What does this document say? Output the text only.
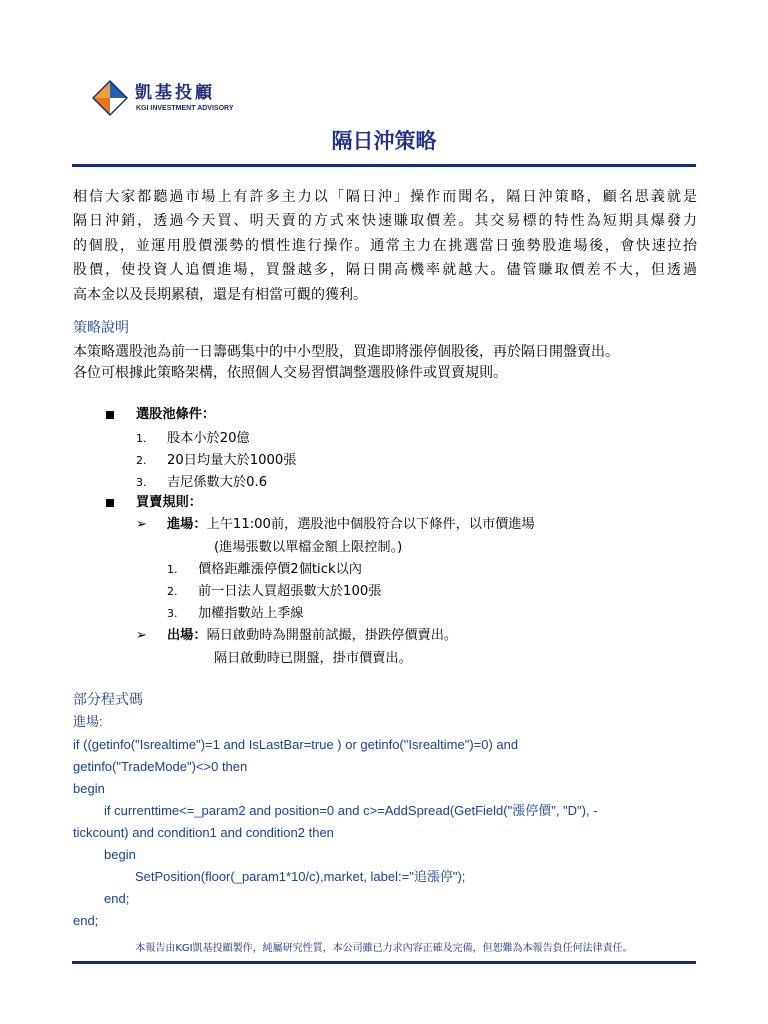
凱基投顧
KGI INVESTMENT ADVISORY
隔日沖策略

相信大家都聽過市場上有許多主力以「隔日沖」操作而聞名，隔日沖策略，顧名思義就是
隔日沖銷，透過今天買、明天賣的方式來快速賺取價差。其交易標的特性為短期具爆發力
的個股，並運用股價漲勢的慣性進行操作。通常主力在挑選當日強勢股進場後，會快速拉抬
股價，使投資人追價進場，買盤越多，隔日開高機率就越大。儘管賺取價差不大，但透過
高本金以及長期累積，還是有相當可觀的獲利。

策略說明
本策略選股池為前一日籌碼集中的中小型股，買進即將漲停個股後，再於隔日開盤賣出。
各位可根據此策略架構，依照個人交易習慣調整選股條件或買賣規則。
選股池條件：
1. 股本小於20億
2. 20日均量大於1000張
3. 吉尼係數大於0.6
買賣規則：
➢ 進場：上午11:00前，選股池中個股符合以下條件，以市價進場
(進場張數以單檔金額上限控制。)
1. 價格距離漲停價2個tick以內
2. 前一日法人買超張數大於100張
3. 加權指數站上季線
➢ 出場：隔日啟動時為開盤前試撮，掛跌停價賣出。
隔日啟動時已開盤，掛市價賣出。
部分程式碼
進場:
if ((getinfo("Isrealtime")=1 and IsLastBar=true ) or getinfo("Isrealtime")=0) and
getinfo("TradeMode")<>0 then
begin
if currenttime<=_param2 and position=0 and c>=AddSpread(GetField("漲停價", "D"), -
tickcount) and condition1 and condition2 then
begin
SetPosition(floor(_param1*10/c),market, label:="追漲停");
end;
end;
本報告由KGI凱基投顧製作，純屬研究性質，本公司雖已力求內容正確及完備，但恕難為本報告負任何法律責任。
